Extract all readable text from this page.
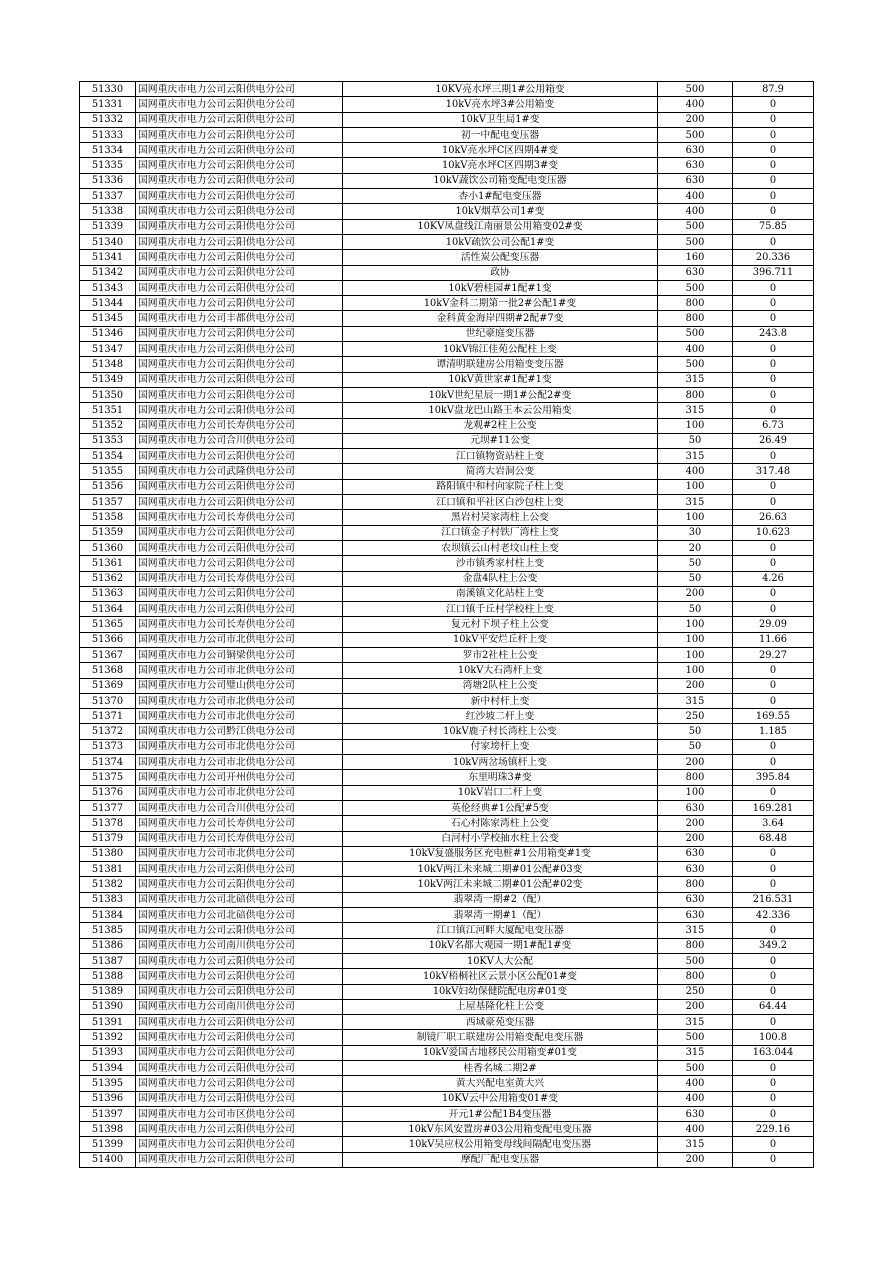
51330	国网重庆市电力公司云阳供电分公司	10KV亮水坪三期1#公用箱变	500	87.9
51331	国网重庆市电力公司云阳供电分公司	10kV亮水坪3#公用箱变	400	0
51332	国网重庆市电力公司云阳供电分公司	10kV卫生局1#变	200	0
51333	国网重庆市电力公司云阳供电分公司	初一中配电变压器	500	0
51334	国网重庆市电力公司云阳供电分公司	10kV亮水坪C区四期4#变	630	0
51335	国网重庆市电力公司云阳供电分公司	10kV亮水坪C区四期3#变	630	0
51336	国网重庆市电力公司云阳供电分公司	10kV蔬饮公司箱变配电变压器	630	0
51337	国网重庆市电力公司云阳供电分公司	杏小1#配电变压器	400	0
51338	国网重庆市电力公司云阳供电分公司	10kV烟草公司1#变	400	0
51339	国网重庆市电力公司云阳供电分公司	10KV凤盘线江南丽景公用箱变02#变	500	75.85
51340	国网重庆市电力公司云阳供电分公司	10kV疏饮公司公配1#变	500	0
51341	国网重庆市电力公司云阳供电分公司	活性炭公配变压器	160	20.336
51342	国网重庆市电力公司云阳供电分公司	政协	630	396.711
51343	国网重庆市电力公司云阳供电分公司	10kV碧桂园#1配#1变	500	0
51344	国网重庆市电力公司云阳供电分公司	10kV金科二期第一批2#公配1#变	800	0
51345	国网重庆市电力公司丰都供电分公司	金科黄金海岸四期#2配#7变	800	0
51346	国网重庆市电力公司云阳供电分公司	世纪豪庭变压器	500	243.8
51347	国网重庆市电力公司云阳供电分公司	10kV锦江佳苑公配柱上变	400	0
51348	国网重庆市电力公司云阳供电分公司	谭清明联建房公用箱变变压器	500	0
51349	国网重庆市电力公司云阳供电分公司	10kV黄世家#1配#1变	315	0
51350	国网重庆市电力公司云阳供电分公司	10kV世纪星辰一期1#公配2#变	800	0
51351	国网重庆市电力公司云阳供电分公司	10kV盘龙巴山路王本云公用箱变	315	0
51352	国网重庆市电力公司长寿供电分公司	龙观#2柱上公变	100	6.73
51353	国网重庆市电力公司合川供电分公司	元坝#11公变	50	26.49
51354	国网重庆市电力公司云阳供电分公司	江口镇物资站柱上变	315	0
51355	国网重庆市电力公司武隆供电分公司	简湾大岩洞公变	400	317.48
51356	国网重庆市电力公司云阳供电分公司	路阳镇中和村向家院子柱上变	100	0
51357	国网重庆市电力公司云阳供电分公司	江口镇和平社区白沙包柱上变	315	0
51358	国网重庆市电力公司长寿供电分公司	黑岩村吴家湾柱上公变	100	26.63
51359	国网重庆市电力公司云阳供电分公司	江口镇金子村铁厂湾柱上变	30	10.623
51360	国网重庆市电力公司云阳供电分公司	农坝镇云山村老坟山柱上变	20	0
51361	国网重庆市电力公司云阳供电分公司	沙市镇秀家村柱上变	50	0
51362	国网重庆市电力公司长寿供电分公司	金盘4队柱上公变	50	4.26
51363	国网重庆市电力公司云阳供电分公司	南溪镇文化站柱上变	200	0
51364	国网重庆市电力公司云阳供电分公司	江口镇千丘村学校柱上变	50	0
51365	国网重庆市电力公司长寿供电分公司	复元村下坝子柱上公变	100	29.09
51366	国网重庆市电力公司市北供电分公司	10kV平安烂丘杆上变	100	11.66
51367	国网重庆市电力公司铜梁供电分公司	罗市2社柱上公变	100	29.27
51368	国网重庆市电力公司市北供电分公司	10kV大石湾杆上变	100	0
51369	国网重庆市电力公司璧山供电分公司	湾塘2队柱上公变	200	0
51370	国网重庆市电力公司市北供电分公司	新中村杆上变	315	0
51371	国网重庆市电力公司市北供电分公司	红沙坡二杆上变	250	169.55
51372	国网重庆市电力公司黔江供电分公司	10kV鹿子村长湾柱上公变	50	1.185
51373	国网重庆市电力公司市北供电分公司	付家塝杆上变	50	0
51374	国网重庆市电力公司市北供电分公司	10kV两岔场镇杆上变	200	0
51375	国网重庆市电力公司开州供电分公司	东里明珠3#变	800	395.84
51376	国网重庆市电力公司市北供电分公司	10kV岩口二杆上变	100	0
51377	国网重庆市电力公司合川供电分公司	英伦经典#1公配#5变	630	169.281
51378	国网重庆市电力公司长寿供电分公司	石心村陈家湾柱上公变	200	3.64
51379	国网重庆市电力公司长寿供电分公司	白河村小学校抽水柱上公变	200	68.48
51380	国网重庆市电力公司市北供电分公司	10kV复盛服务区充电桩#1公用箱变#1变	630	0
51381	国网重庆市电力公司云阳供电分公司	10kV两江未来城二期#01公配#03变	630	0
51382	国网重庆市电力公司云阳供电分公司	10kV两江未来城二期#01公配#02变	800	0
51383	国网重庆市电力公司北碚供电分公司	翡翠湾一期#2（配）	630	216.531
51384	国网重庆市电力公司北碚供电分公司	翡翠湾一期#1（配）	630	42.336
51385	国网重庆市电力公司云阳供电分公司	江口镇江河畔大厦配电变压器	315	0
51386	国网重庆市电力公司南川供电分公司	10kV名都大观园一期1#配1#变	800	349.2
51387	国网重庆市电力公司云阳供电分公司	10KV人大公配	500	0
51388	国网重庆市电力公司云阳供电分公司	10kV梧桐社区云景小区公配01#变	800	0
51389	国网重庆市电力公司云阳供电分公司	10kV妇幼保健院配电房#01变	250	0
51390	国网重庆市电力公司南川供电分公司	上屋基隆化柱上公变	200	64.44
51391	国网重庆市电力公司云阳供电分公司	西域豪苑变压器	315	0
51392	国网重庆市电力公司云阳供电分公司	制镜厂职工联建房公用箱变配电变压器	500	100.8
51393	国网重庆市电力公司云阳供电分公司	10kV爱国古地移民公用箱变#01变	315	163.044
51394	国网重庆市电力公司云阳供电分公司	桂香名城二期2#	500	0
51395	国网重庆市电力公司云阳供电分公司	黄大兴配电室黄大兴	400	0
51396	国网重庆市电力公司云阳供电分公司	10KV云中公用箱变01#变	400	0
51397	国网重庆市电力公司市区供电分公司	开元1#公配1B4变压器	630	0
51398	国网重庆市电力公司云阳供电分公司	10kV东风安置房#03公用箱变配电变压器	400	229.16
51399	国网重庆市电力公司云阳供电分公司	10kV吴应权公用箱变母线间隔配电变压器	315	0
51400	国网重庆市电力公司云阳供电分公司	摩配厂配电变压器	200	0
